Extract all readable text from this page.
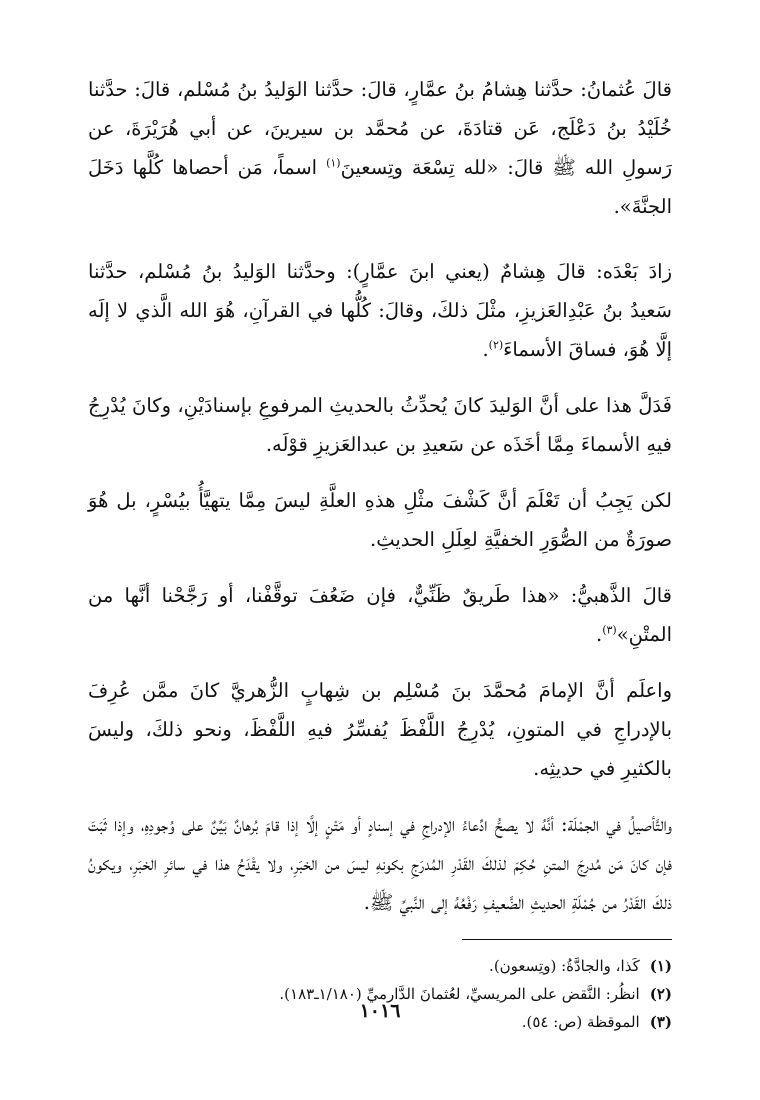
قالَ عُثمانُ: حدَّثنا هِشامُ بنُ عمَّارٍ، قالَ: حدَّثنا الوَليدُ بنُ مُسْلم، قالَ: حدَّثنا خُلَيْدُ بنُ دَعْلَج، عَن قتادَةَ، عن مُحمَّد بن سيرينَ، عن أبي هُرَيْرَةَ، عن رَسولِ الله ﷺ قالَ: «لله تِسْعَة وتِسعينَ$^{(١)}$ اسماً، مَن أحصاها كُلَّها دَخَلَ الجنَّةَ».

زادَ بَعْدَه: قالَ هِشامٌ (يعني ابنَ عمَّارٍ): وحدَّثنا الوَليدُ بنُ مُسْلم، حدَّثنا سَعيدُ بنُ عَبْدِالعَزيزِ، مثْلَ ذلكَ، وقالَ: كُلُّها في القرآنِ، هُوَ الله الَّذي لا إلَه إلَّا هُوَ، فساقَ الأسماءَ$^{(٢)}$.

فَدَلَّ هذا على أنَّ الوَليدَ كانَ يُحدِّثُ بالحديثِ المرفوعِ بإسنادَيْنِ، وكانَ يُدْرِجُ فيهِ الأسماءَ مِمَّا أخَذَه عن سَعيدِ بن عبدالعَزيزِ قوْلَه.

لكن يَجِبُ أن تَعْلَمَ أنَّ كَشْفَ مثْلِ هذهِ العلَّةِ ليسَ مِمَّا يتهيَّأُ بيُسْرٍ، بل هُوَ صورَةٌ من الصُّوَرِ الخفيَّةِ لعِلَلِ الحديثِ.

قالَ الذَّهبيُّ: «هذا طَريقٌ ظَنِّيٌّ، فإن ضَعُفَ توقَّفْنا، أو رَجَّحْنا أنَّها من المتْنِ»$^{(٣)}$.

واعلَم أنَّ الإمامَ مُحمَّدَ بنَ مُسْلِم بن شِهابٍ الزُّهريَّ كانَ ممَّن عُرِفَ بالإدراجِ في المتونِ، يُدْرِجُ اللَّفْظَ يُفسِّرُ فيهِ اللَّفْظَ، ونحو ذلكَ، وليسَ بالكثيرِ في حديثِه.

والتَّأصيلُ في الجمْلَة: أنَّهُ لا يصحُّ ادِّعاءُ الإدراجِ في إسنادٍ أو مَتْنٍ إلَّا إذا قامَ بُرهانٌ بَيِّنٌ على وُجودِهِ، وإذا ثَبَتَ فإن كانَ مَن مُدرِجَ المتنِ حُكِمَ لذلكَ القَدْرِ المُدرَجِ بكونهِ ليسَ من الخبَرِ، ولا يقْدَحُ هذا في سائرِ الخبَرِ، ويكونُ ذلكَ القَدْرُ من جُمْلَةِ الحديثِ الضَّعيفِ رَفْعُهُ إلى النَّبيِّ ﷺ.

(١)
كَذا، والجادَّةُ: (وتِسعون).

(٢)
انظُر: النَّقض على المريسيِّ، لعُثمانَ الدَّارميِّ (١/١٨٠ـ١٨٣).

(٣)
الموقظة (ص: ٥٤).

١٠١٦
